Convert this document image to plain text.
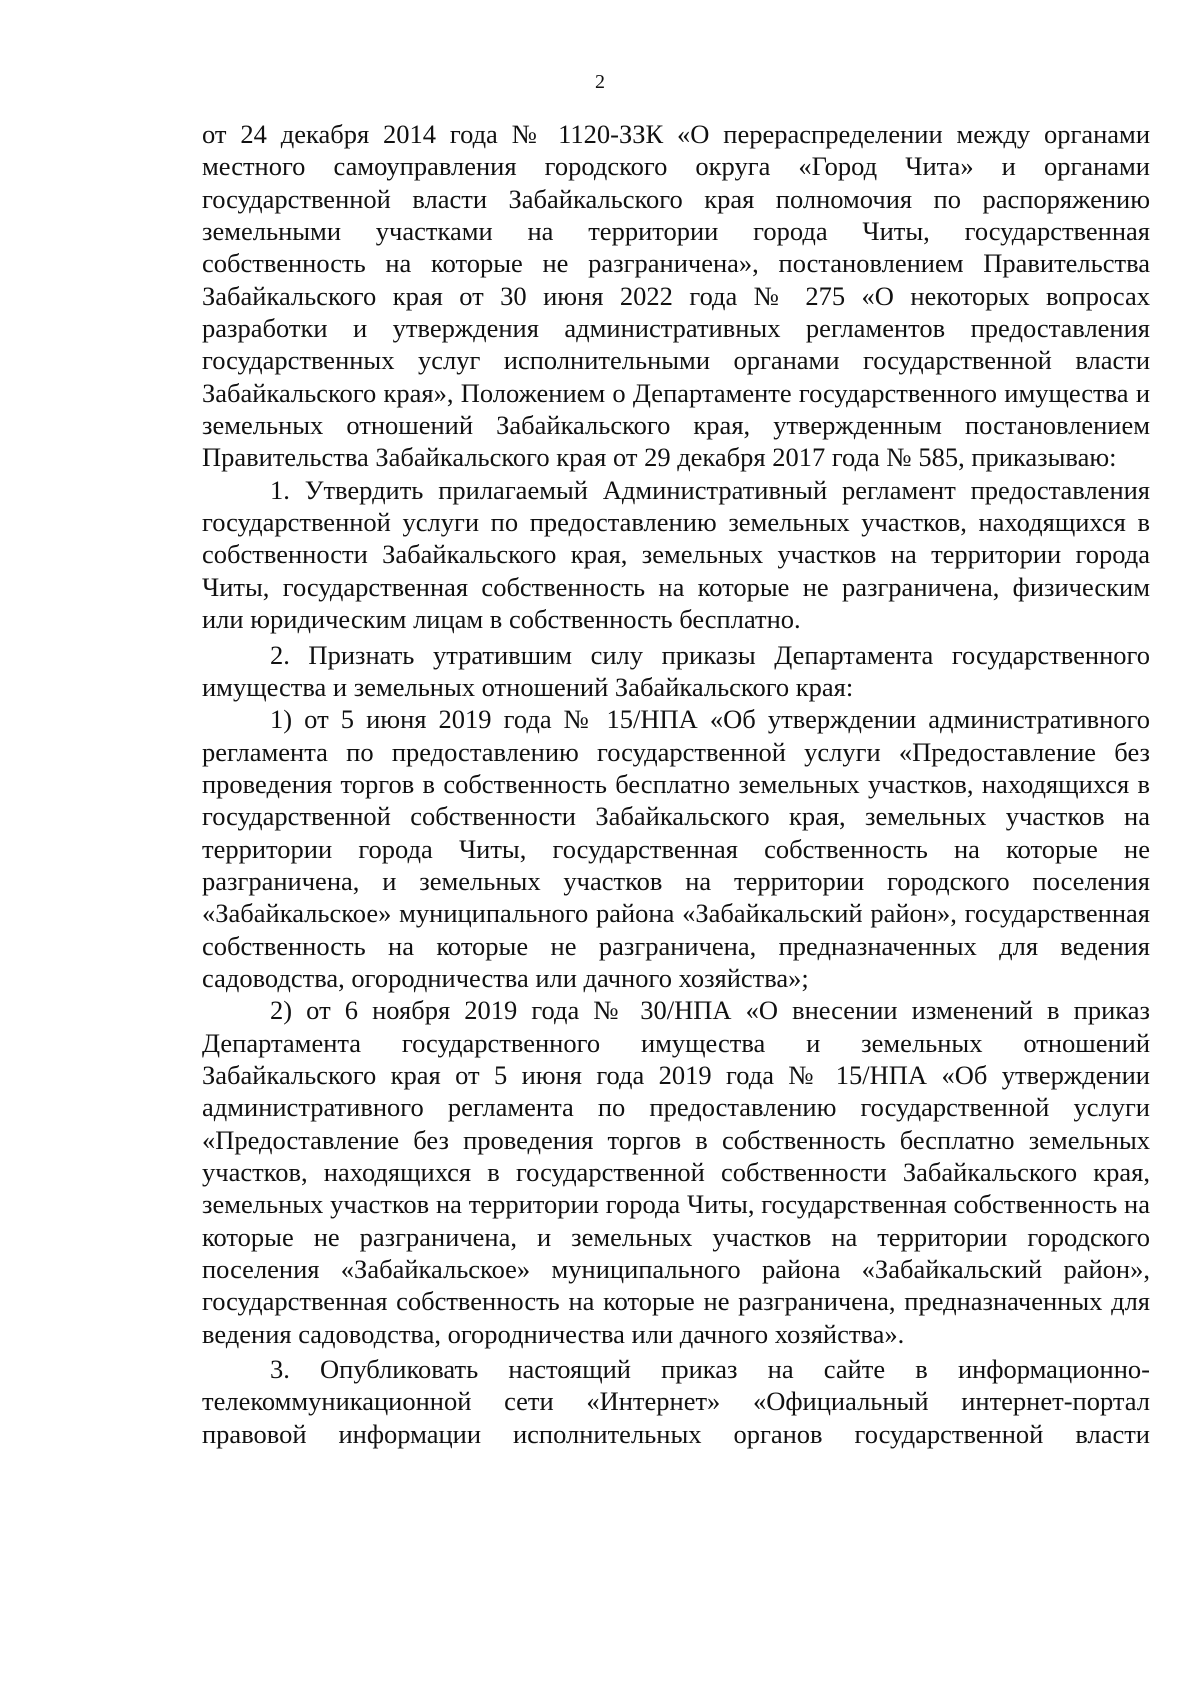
2

от 24 декабря 2014 года № 1120-ЗЗК «О перераспределении между органами местного самоуправления городского округа «Город Чита» и органами государственной власти Забайкальского края полномочия по распоряжению земельными участками на территории города Читы, государственная собственность на которые не разграничена», постановлением Правительства Забайкальского края от 30 июня 2022 года № 275 «О некоторых вопросах разработки и утверждения административных регламентов предоставления государственных услуг исполнительными органами государственной власти Забайкальского края», Положением о Департаменте государственного имущества и земельных отношений Забайкальского края, утвержденным постановлением Правительства Забайкальского края от 29 декабря 2017 года № 585, приказываю:

1. Утвердить прилагаемый Административный регламент предоставления государственной услуги по предоставлению земельных участков, находящихся в собственности Забайкальского края, земельных участков на территории города Читы, государственная собственность на которые не разграничена, физическим или юридическим лицам в собственность бесплатно.

2. Признать утратившим силу приказы Департамента государственного имущества и земельных отношений Забайкальского края:

1) от 5 июня 2019 года № 15/НПА «Об утверждении административного регламента по предоставлению государственной услуги «Предоставление без проведения торгов в собственность бесплатно земельных участков, находящихся в государственной собственности Забайкальского края, земельных участков на территории города Читы, государственная собственность на которые не разграничена, и земельных участков на территории городского поселения «Забайкальское» муниципального района «Забайкальский район», государственная собственность на которые не разграничена, предназначенных для ведения садоводства, огородничества или дачного хозяйства»;

2) от 6 ноября 2019 года № 30/НПА «О внесении изменений в приказ Департамента государственного имущества и земельных отношений Забайкальского края от 5 июня года 2019 года № 15/НПА «Об утверждении административного регламента по предоставлению государственной услуги «Предоставление без проведения торгов в собственность бесплатно земельных участков, находящихся в государственной собственности Забайкальского края, земельных участков на территории города Читы, государственная собственность на которые не разграничена, и земельных участков на территории городского поселения «Забайкальское» муниципального района «Забайкальский район», государственная собственность на которые не разграничена, предназначенных для ведения садоводства, огородничества или дачного хозяйства».

3. Опубликовать настоящий приказ на сайте в информационно-телекоммуникационной сети «Интернет» «Официальный интернет-портал правовой информации исполнительных органов государственной власти
